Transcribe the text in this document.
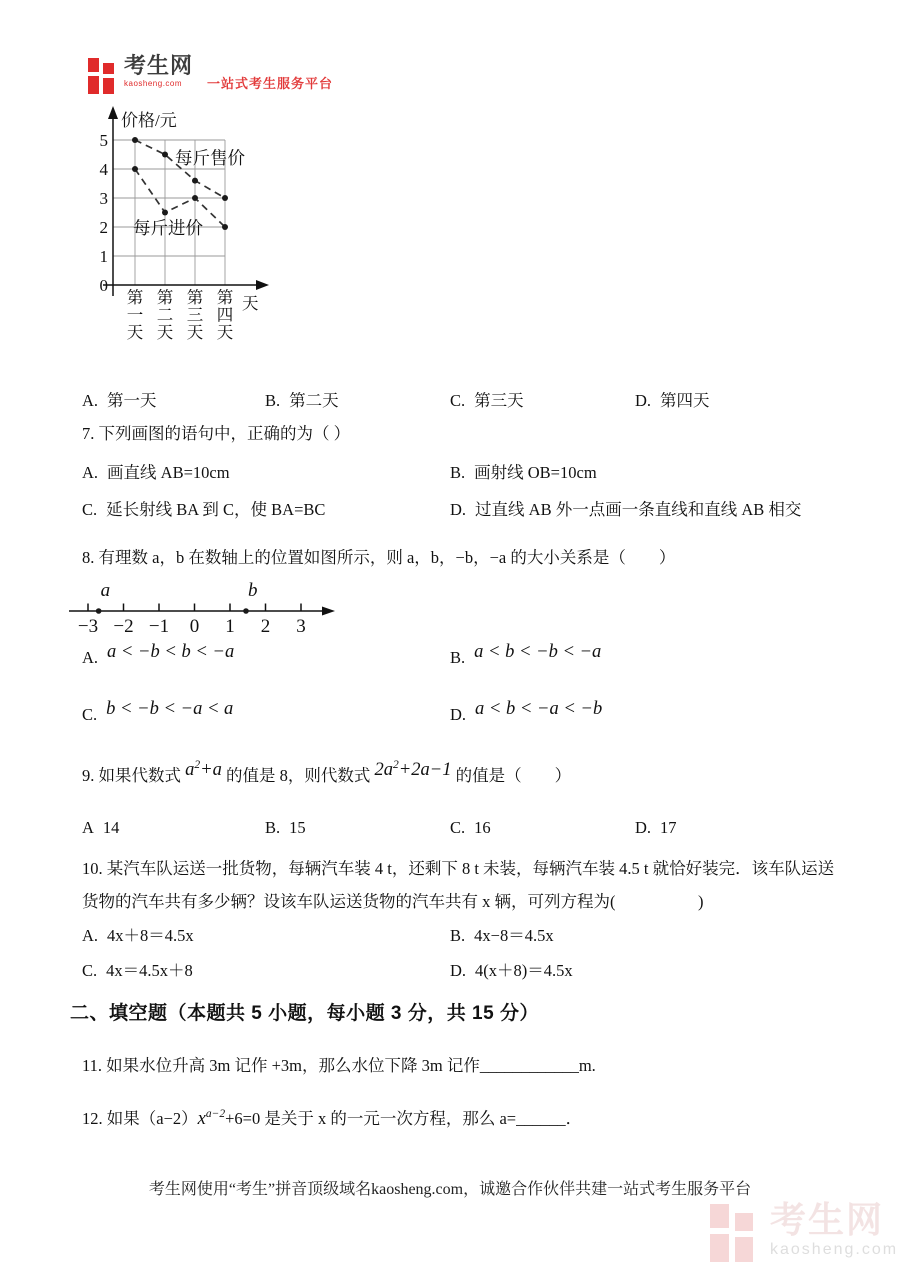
考生网
kaosheng.com	一站式考生服务平台
0
1
2
3
4
5
价格/元
每斤售价
每斤进价
第
一
天
第
二
天
第
三
天
第
四
天
天
A. 第一天	B. 第二天	C. 第三天	D. 第四天
7. 下列画图的语句中，正确的为（ ）
A. 画直线 AB=10cm	B. 画射线 OB=10cm
C. 延长射线 BA 到 C，使 BA=BC	D. 过直线 AB 外一点画一条直线和直线 AB 相交
8. 有理数 a，b 在数轴上的位置如图所示，则 a，b，−b，−a 的大小关系是（　　）
−3 −2 −1 0 1 2 3
a	b
A. a < −b < b < −a	B. a < b < −b < −a
C. b < −b < −a < a	D. a < b < −a < −b
9. 如果代数式 $a^2+a$ 的值是 8，则代数式 $2a^2+2a-1$ 的值是（　　）
A 14	B. 15	C. 16	D. 17
10. 某汽车队运送一批货物，每辆汽车装 4 t，还剩下 8 t 未装，每辆汽车装 4.5 t 就恰好装完．该车队运送
货物的汽车共有多少辆？设该车队运送货物的汽车共有 x 辆，可列方程为(　　　　　)
A. 4x＋8＝4.5x	B. 4x−8＝4.5x
C. 4x＝4.5x＋8	D. 4(x＋8)＝4.5x
二、填空题（本题共 5 小题，每小题 3 分，共 15 分）
11. 如果水位升高 3m 记作 +3m，那么水位下降 3m 记作____________m.
12. 如果$(a-2)x^{a-2}+6=0$ 是关于 x 的一元一次方程，那么 a=______．
考生网使用“考生”拼音顶级域名kaosheng.com，诚邀合作伙伴共建一站式考生服务平台
考生网
kaosheng.com
